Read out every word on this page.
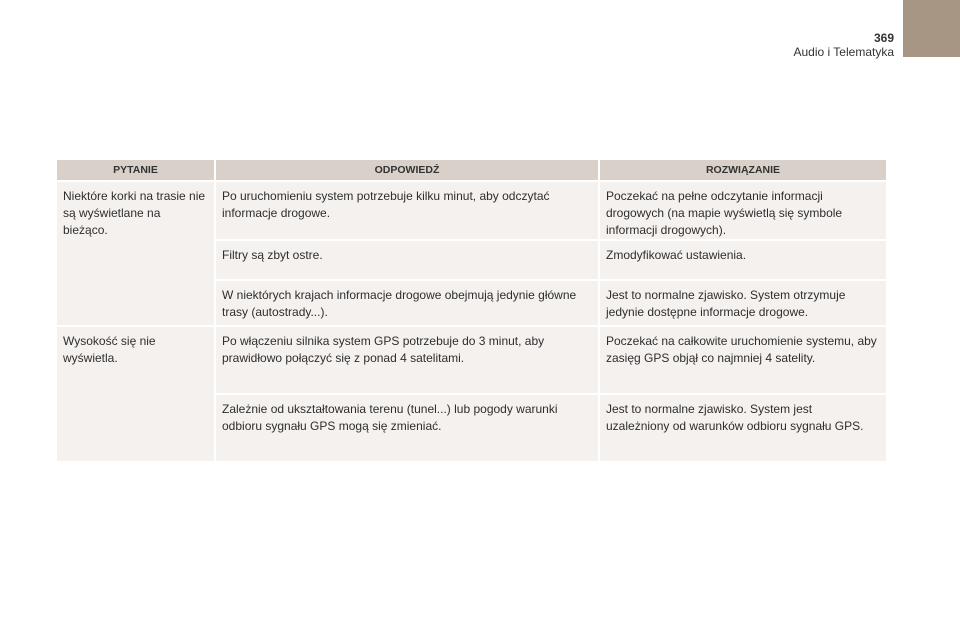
369
Audio i Telematyka
PYTANIE	ODPOWIEDŹ	ROZWIĄZANIE
Niektóre korki na trasie nie są wyświetlane na bieżąco.	Po uruchomieniu system potrzebuje kilku minut, aby odczytać informacje drogowe.	Poczekać na pełne odczytanie informacji drogowych (na mapie wyświetlą się symbole informacji drogowych).
	Filtry są zbyt ostre.	Zmodyfikować ustawienia.
	W niektórych krajach informacje drogowe obejmują jedynie główne trasy (autostrady...).	Jest to normalne zjawisko. System otrzymuje jedynie dostępne informacje drogowe.
Wysokość się nie wyświetla.	Po włączeniu silnika system GPS potrzebuje do 3 minut, aby prawidłowo połączyć się z ponad 4 satelitami.	Poczekać na całkowite uruchomienie systemu, aby zasięg GPS objął co najmniej 4 satelity.
	Zależnie od ukształtowania terenu (tunel...) lub pogody warunki odbioru sygnału GPS mogą się zmieniać.	Jest to normalne zjawisko. System jest uzależniony od warunków odbioru sygnału GPS.
